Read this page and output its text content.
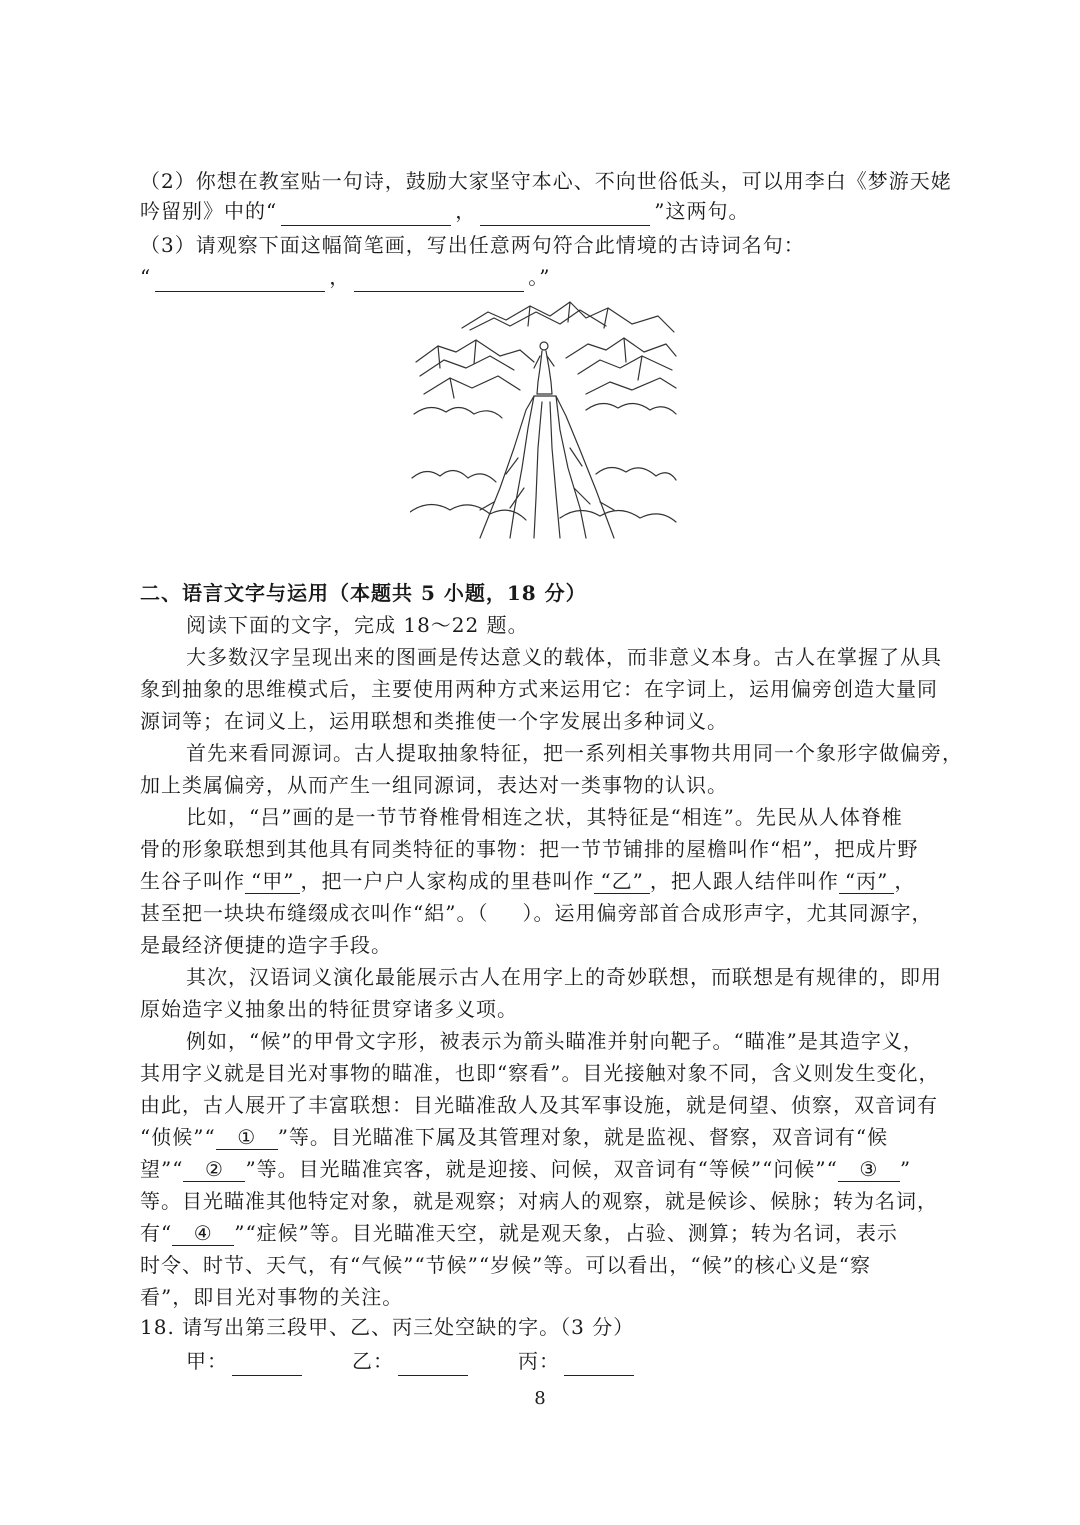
（2）你想在教室贴一句诗，鼓励大家坚守本心、不向世俗低头，可以用李白《梦游天姥
吟留别》中的“	，	”这两句。
（3）请观察下面这幅简笔画，写出任意两句符合此情境的古诗词名句：
“	，	。”
二、语言文字与运用（本题共 5 小题，18 分）
阅读下面的文字，完成 18～22 题。
大多数汉字呈现出来的图画是传达意义的载体，而非意义本身。古人在掌握了从具
象到抽象的思维模式后，主要使用两种方式来运用它：在字词上，运用偏旁创造大量同
源词等；在词义上，运用联想和类推使一个字发展出多种词义。
首先来看同源词。古人提取抽象特征，把一系列相关事物共用同一个象形字做偏旁，
加上类属偏旁，从而产生一组同源词，表达对一类事物的认识。
比如，“吕”画的是一节节脊椎骨相连之状，其特征是“相连”。先民从人体脊椎
骨的形象联想到其他具有同类特征的事物：把一节节铺排的屋檐叫作“梠”，把成片野
生谷子叫作 “甲” ，把一户户人家构成的里巷叫作 “乙” ，把人跟人结伴叫作 “丙” ，
甚至把一块块布缝缀成衣叫作“絽”。（ ）。运用偏旁部首合成形声字，尤其同源字，
是最经济便捷的造字手段。
其次，汉语词义演化最能展示古人在用字上的奇妙联想，而联想是有规律的，即用
原始造字义抽象出的特征贯穿诸多义项。
例如，“候”的甲骨文字形，被表示为箭头瞄准并射向靶子。“瞄准”是其造字义，
其用字义就是目光对事物的瞄准，也即“察看”。目光接触对象不同，含义则发生变化，
由此，古人展开了丰富联想：目光瞄准敌人及其军事设施，就是伺望、侦察，双音词有
“侦候”“ ① ”等。目光瞄准下属及其管理对象，就是监视、督察，双音词有“候
望”“ ② ”等。目光瞄准宾客，就是迎接、问候，双音词有“等候”“问候”“ ③ ”
等。目光瞄准其他特定对象，就是观察；对病人的观察，就是候诊、候脉；转为名词，
有“ ④ ”“症候”等。目光瞄准天空，就是观天象，占验、测算；转为名词，表示
时令、时节、天气，有“气候”“节候”“岁候”等。可以看出，“候”的核心义是“察
看”，即目光对事物的关注。
18. 请写出第三段甲、乙、丙三处空缺的字。（3 分）
甲：	乙：	丙：
8
